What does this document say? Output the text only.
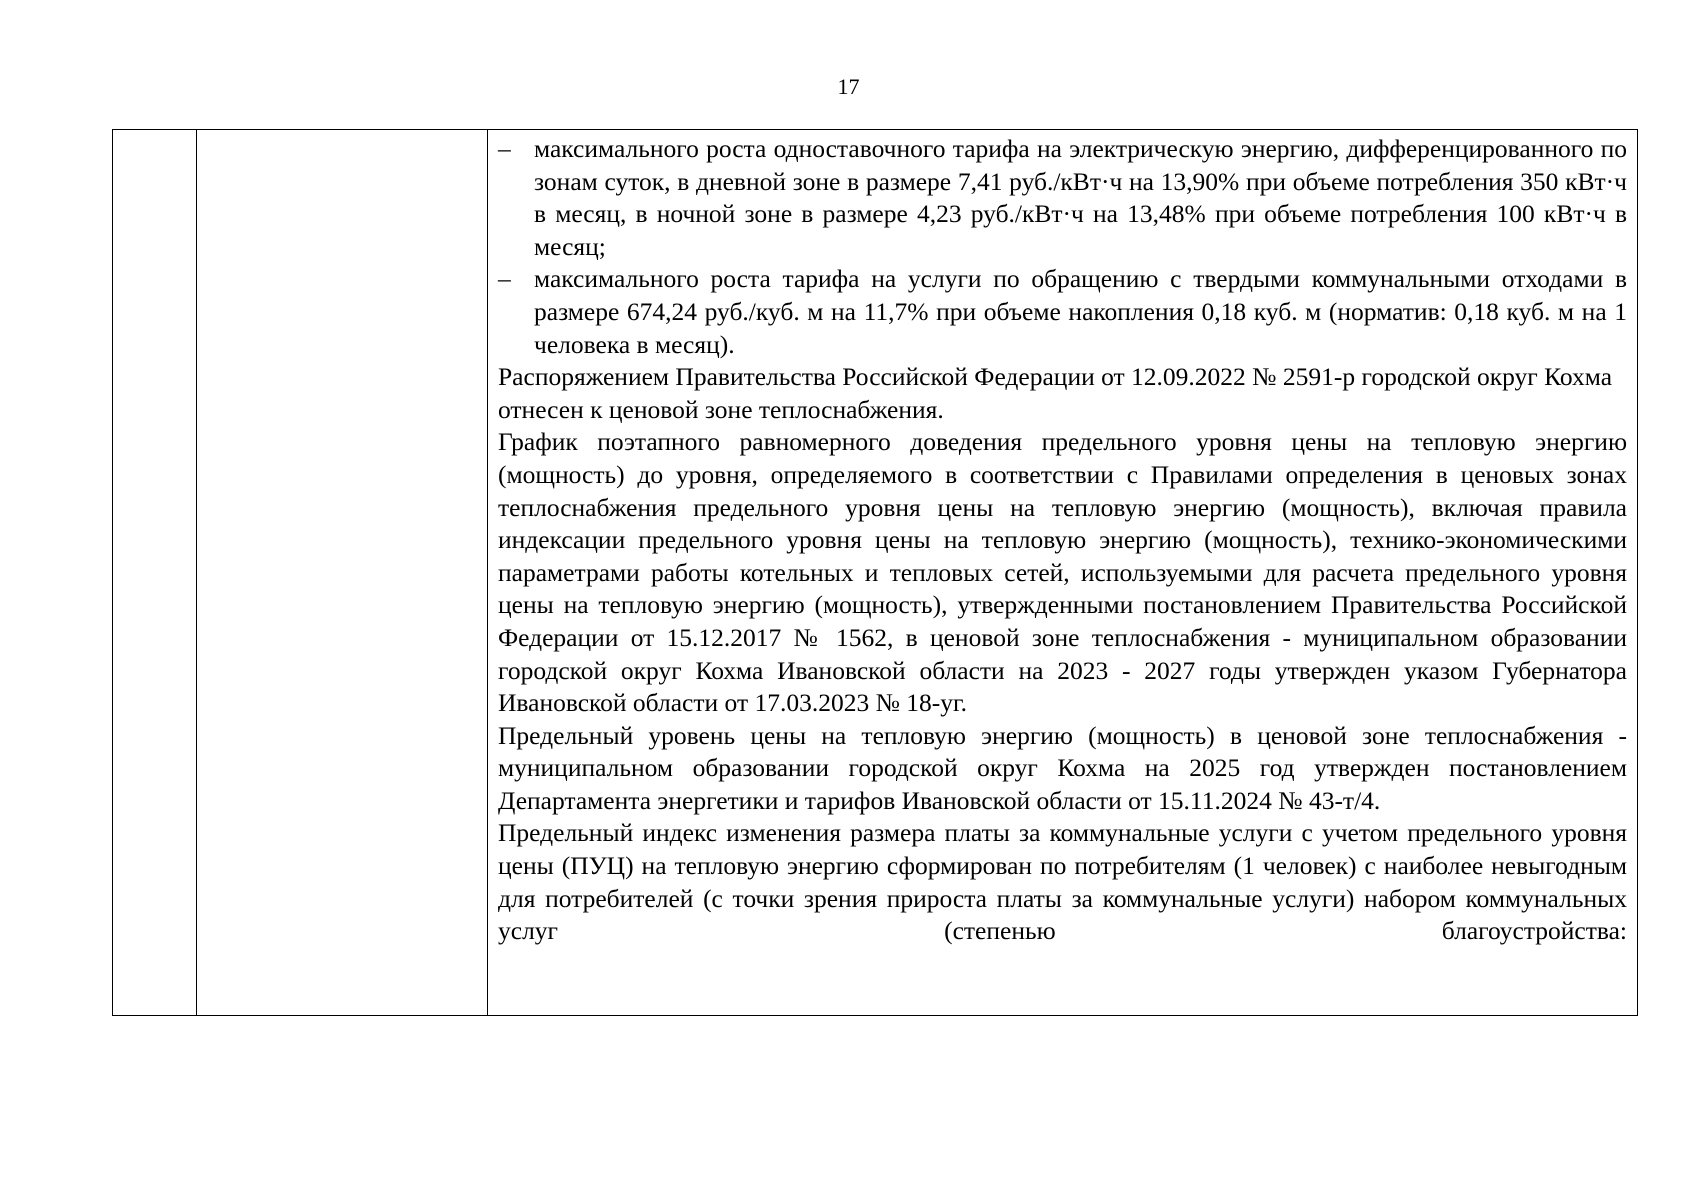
17
– максимального роста одноставочного тарифа на электрическую энергию, дифференцированного по зонам суток, в дневной зоне в размере 7,41 руб./кВт·ч на 13,90% при объеме потребления 350 кВт·ч в месяц, в ночной зоне в размере 4,23 руб./кВт·ч на 13,48% при объеме потребления 100 кВт·ч в месяц;
– максимального роста тарифа на услуги по обращению с твердыми коммунальными отходами в размере 674,24 руб./куб. м на 11,7% при объеме накопления 0,18 куб. м (норматив: 0,18 куб. м на 1 человека в месяц).

Распоряжением Правительства Российской Федерации от 12.09.2022 № 2591-р городской округ Кохма отнесен к ценовой зоне теплоснабжения.

График поэтапного равномерного доведения предельного уровня цены на тепловую энергию (мощность) до уровня, определяемого в соответствии с Правилами определения в ценовых зонах теплоснабжения предельного уровня цены на тепловую энергию (мощность), включая правила индексации предельного уровня цены на тепловую энергию (мощность), технико-экономическими параметрами работы котельных и тепловых сетей, используемыми для расчета предельного уровня цены на тепловую энергию (мощность), утвержденными постановлением Правительства Российской Федерации от 15.12.2017 № 1562, в ценовой зоне теплоснабжения - муниципальном образовании городской округ Кохма Ивановской области на 2023 - 2027 годы утвержден указом Губернатора Ивановской области от 17.03.2023 № 18-уг.

Предельный уровень цены на тепловую энергию (мощность) в ценовой зоне теплоснабжения - муниципальном образовании городской округ Кохма на 2025 год утвержден постановлением Департамента энергетики и тарифов Ивановской области от 15.11.2024 № 43-т/4.

Предельный индекс изменения размера платы за коммунальные услуги с учетом предельного уровня цены (ПУЦ) на тепловую энергию сформирован по потребителям (1 человек) с наиболее невыгодным для потребителей (с точки зрения прироста платы за коммунальные услуги) набором коммунальных услуг (степенью благоустройства:
